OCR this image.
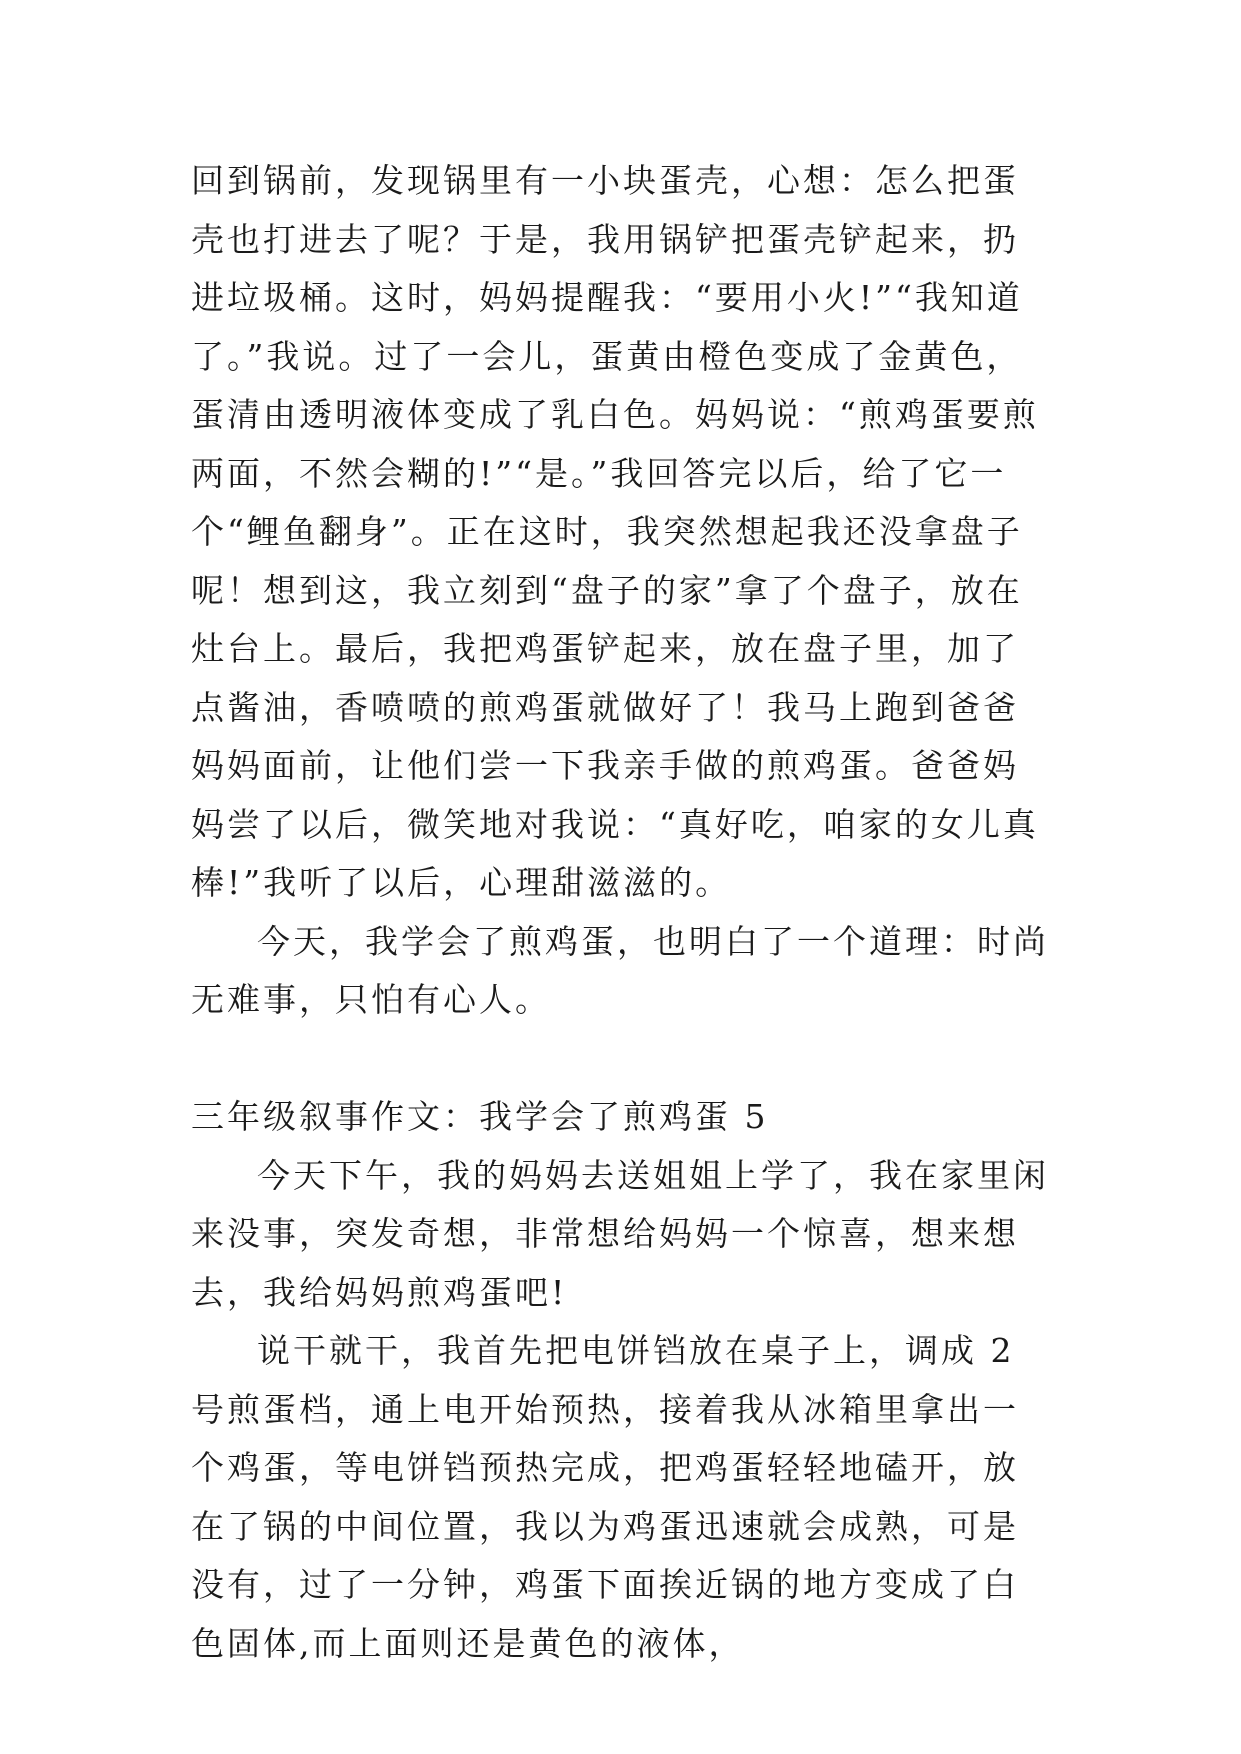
回到锅前，发现锅里有一小块蛋壳，心想：怎么把蛋壳也打进去了呢？于是，我用锅铲把蛋壳铲起来，扔进垃圾桶。这时，妈妈提醒我：“要用小火!”“我知道了。”我说。过了一会儿，蛋黄由橙色变成了金黄色，蛋清由透明液体变成了乳白色。妈妈说：“煎鸡蛋要煎两面，不然会糊的!”“是。”我回答完以后，给了它一个“鲤鱼翻身”。正在这时，我突然想起我还没拿盘子呢！想到这，我立刻到“盘子的家”拿了个盘子，放在灶台上。最后，我把鸡蛋铲起来，放在盘子里，加了点酱油，香喷喷的煎鸡蛋就做好了！我马上跑到爸爸妈妈面前，让他们尝一下我亲手做的煎鸡蛋。爸爸妈妈尝了以后，微笑地对我说：“真好吃，咱家的女儿真棒!”我听了以后，心理甜滋滋的。

今天，我学会了煎鸡蛋，也明白了一个道理：时尚无难事，只怕有心人。

三年级叙事作文：我学会了煎鸡蛋 5

今天下午，我的妈妈去送姐姐上学了，我在家里闲来没事，突发奇想，非常想给妈妈一个惊喜，想来想去，我给妈妈煎鸡蛋吧!

说干就干，我首先把电饼铛放在桌子上，调成 2 号煎蛋档，通上电开始预热，接着我从冰箱里拿出一个鸡蛋，等电饼铛预热完成，把鸡蛋轻轻地磕开，放在了锅的中间位置，我以为鸡蛋迅速就会成熟，可是没有，过了一分钟，鸡蛋下面挨近锅的地方变成了白色固体,而上面则还是黄色的液体，
